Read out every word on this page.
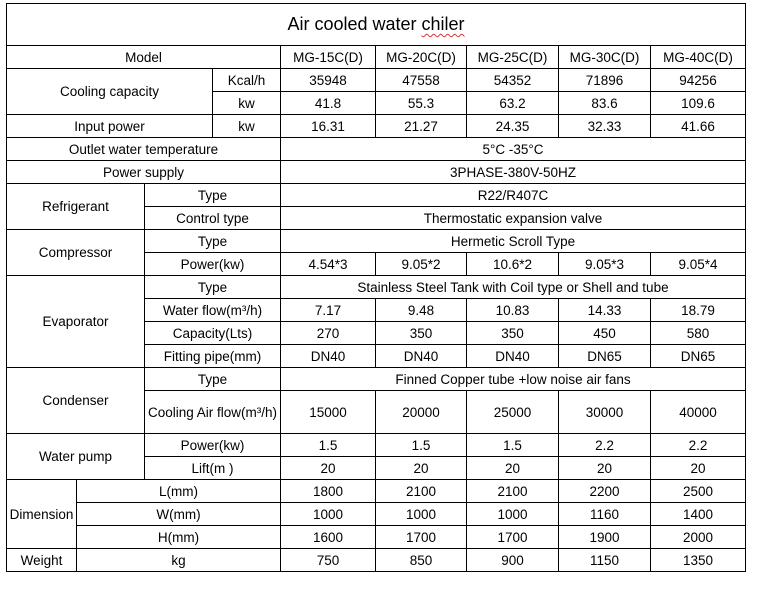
Air cooled water chiler								
Model				MG-15C(D)	MG-20C(D)	MG-25C(D)	MG-30C(D)	MG-40C(D)
Cooling capacity			Kcal/h	35948	47558	54352	71896	94256
			kw	41.8	55.3	63.2	83.6	109.6
Input power			kw	16.31	21.27	24.35	32.33	41.66
Outlet water temperature				5°C -35°C				
Power supply				3PHASE-380V-50HZ				
Refrigerant		Type		R22/R407C				
		Control type		Thermostatic expansion valve				
Compressor		Type		Hermetic Scroll Type				
		Power(kw)		4.54*3	9.05*2	10.6*2	9.05*3	9.05*4
Evaporator		Type		Stainless Steel Tank with Coil type or Shell and tube				
		Water flow(m³/h)		7.17	9.48	10.83	14.33	18.79
		Capacity(Lts)		270	350	350	450	580
		Fitting pipe(mm)		DN40	DN40	DN40	DN65	DN65
Condenser		Type		Finned Copper tube +low noise air fans				
		Cooling Air flow(m³/h)		15000	20000	25000	30000	40000
Water pump		Power(kw)		1.5	1.5	1.5	2.2	2.2
		Lift(m )		20	20	20	20	20
Dimension	L(mm)			1800	2100	2100	2200	2500
	W(mm)			1000	1000	1000	1160	1400
	H(mm)			1600	1700	1700	1900	2000
Weight	kg			750	850	900	1150	1350
